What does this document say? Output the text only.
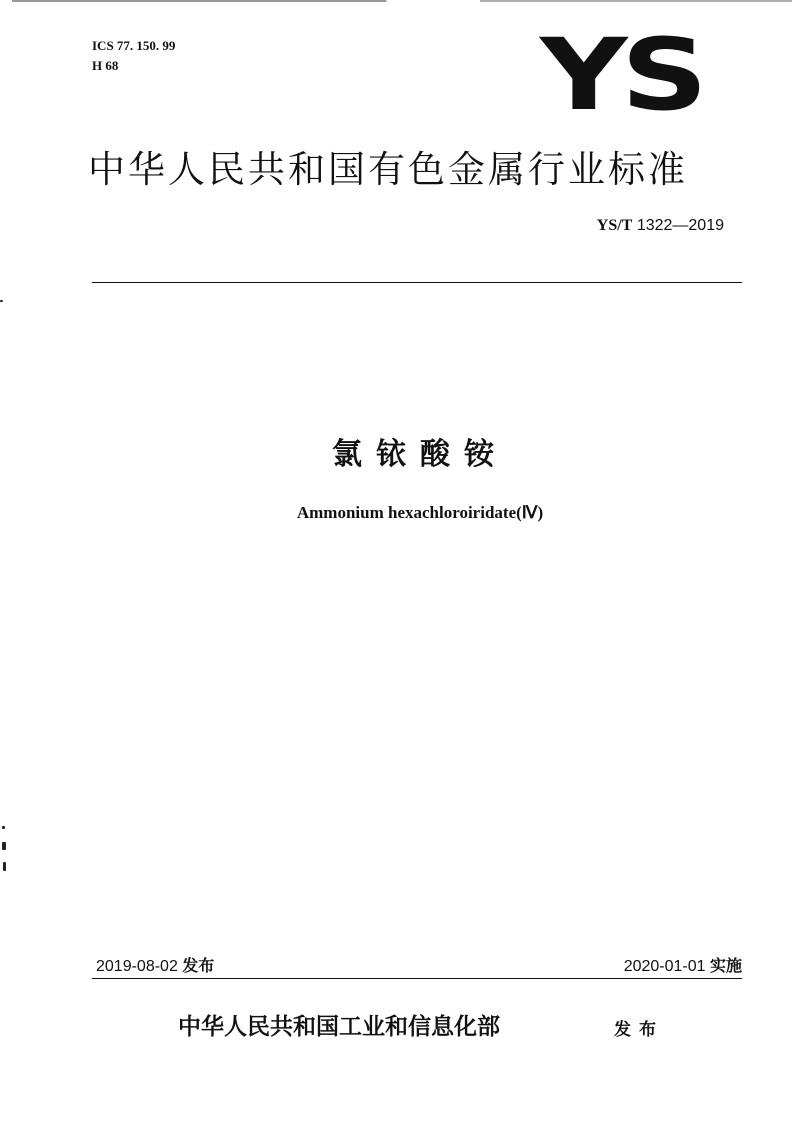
ICS 77. 150. 99
H 68	YS
中华人民共和国有色金属行业标准
YS/T 1322—2019
氯铱酸铵
Ammonium hexachloroiridate(Ⅳ)
2019-08-02 发布	2020-01-01 实施
中华人民共和国工业和信息化部	发布
